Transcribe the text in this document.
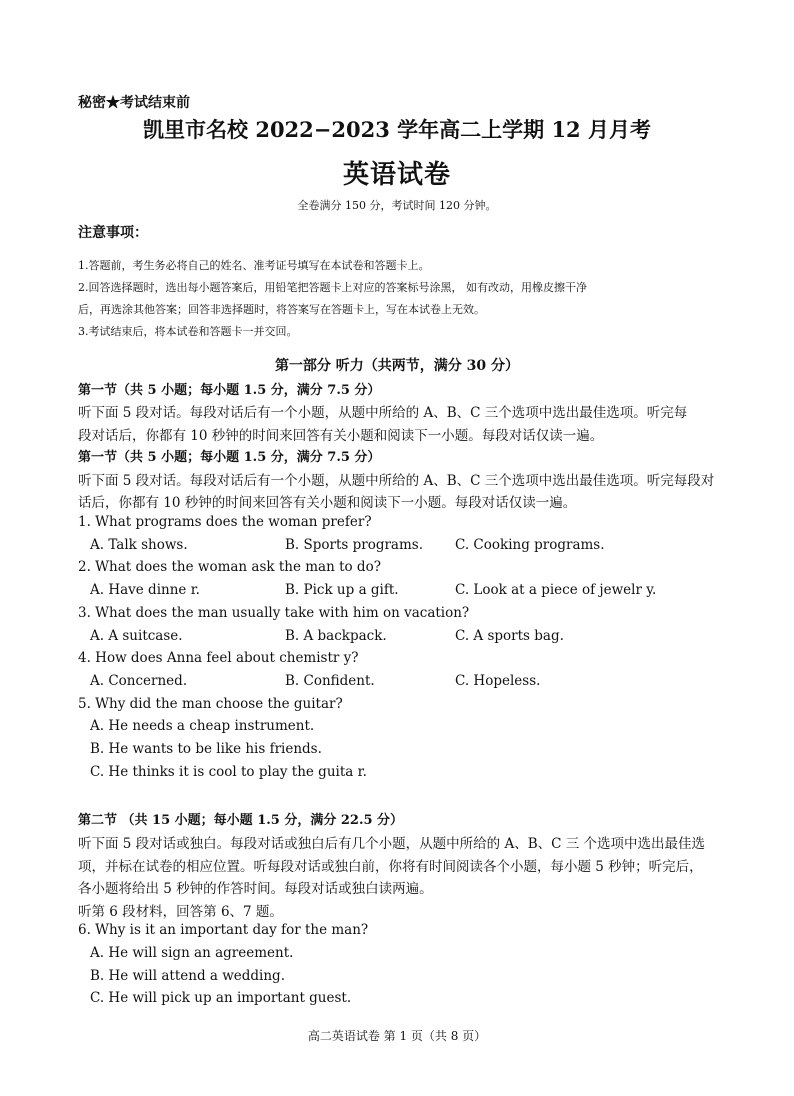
秘密★考试结束前
凯里市名校 2022−2023 学年高二上学期 12 月月考
英语试卷
全卷满分 150 分，考试时间 120 分钟。
注意事项：
1.答题前，考生务必将自己的姓名、准考证号填写在本试卷和答题卡上。
2.回答选择题时，选出每小题答案后，用铅笔把答题卡上对应的答案标号涂黑， 如有改动，用橡皮擦干净
后，再选涂其他答案；回答非选择题时，将答案写在答题卡上，写在本试卷上无效。
3.考试结束后，将本试卷和答题卡一并交回。
第一部分 听力（共两节，满分 30 分）
第一节（共 5 小题；每小题 1.5 分，满分 7.5 分）
听下面 5 段对话。每段对话后有一个小题，从题中所给的 A、B、C 三个选项中选出最佳选项。听完每
段对话后，你都有 10 秒钟的时间来回答有关小题和阅读下一小题。每段对话仅读一遍。
第一节（共 5 小题；每小题 1.5 分，满分 7.5 分）
听下面 5 段对话。每段对话后有一个小题，从题中所给的 A、B、C 三个选项中选出最佳选项。听完每段对
话后，你都有 10 秒钟的时间来回答有关小题和阅读下一小题。每段对话仅读一遍。
1. What programs does the woman prefer?
A. Talk shows.	B. Sports programs. C. Cooking programs.
2. What does the woman ask the man to do?
A. Have dinne r.	B. Pick up a gift.	C. Look at a piece of jewelr y.
3. What does the man usually take with him on vacation?
A. A suitcase.	B. A backpack.	C. A sports bag.
4. How does Anna feel about chemistr y?
A. Concerned.	B. Confident.	C. Hopeless.
5. Why did the man choose the guitar?
A. He needs a cheap instrument.
B. He wants to be like his friends.
C. He thinks it is cool to play the guita r.
第二节 （共 15 小题；每小题 1.5 分，满分 22.5 分）
听下面 5 段对话或独白。每段对话或独白后有几个小题，从题中所给的 A、B、C 三 个选项中选出最佳选
项，并标在试卷的相应位置。听每段对话或独白前，你将有时间阅读各个小题，每小题 5 秒钟；听完后，
各小题将给出 5 秒钟的作答时间。每段对话或独白读两遍。
听第 6 段材料，回答第 6、7 题。
6. Why is it an important day for the man?
A. He will sign an agreement.
B. He will attend a wedding.
C. He will pick up an important guest.
高二英语试卷 第 1 页（共 8 页）
